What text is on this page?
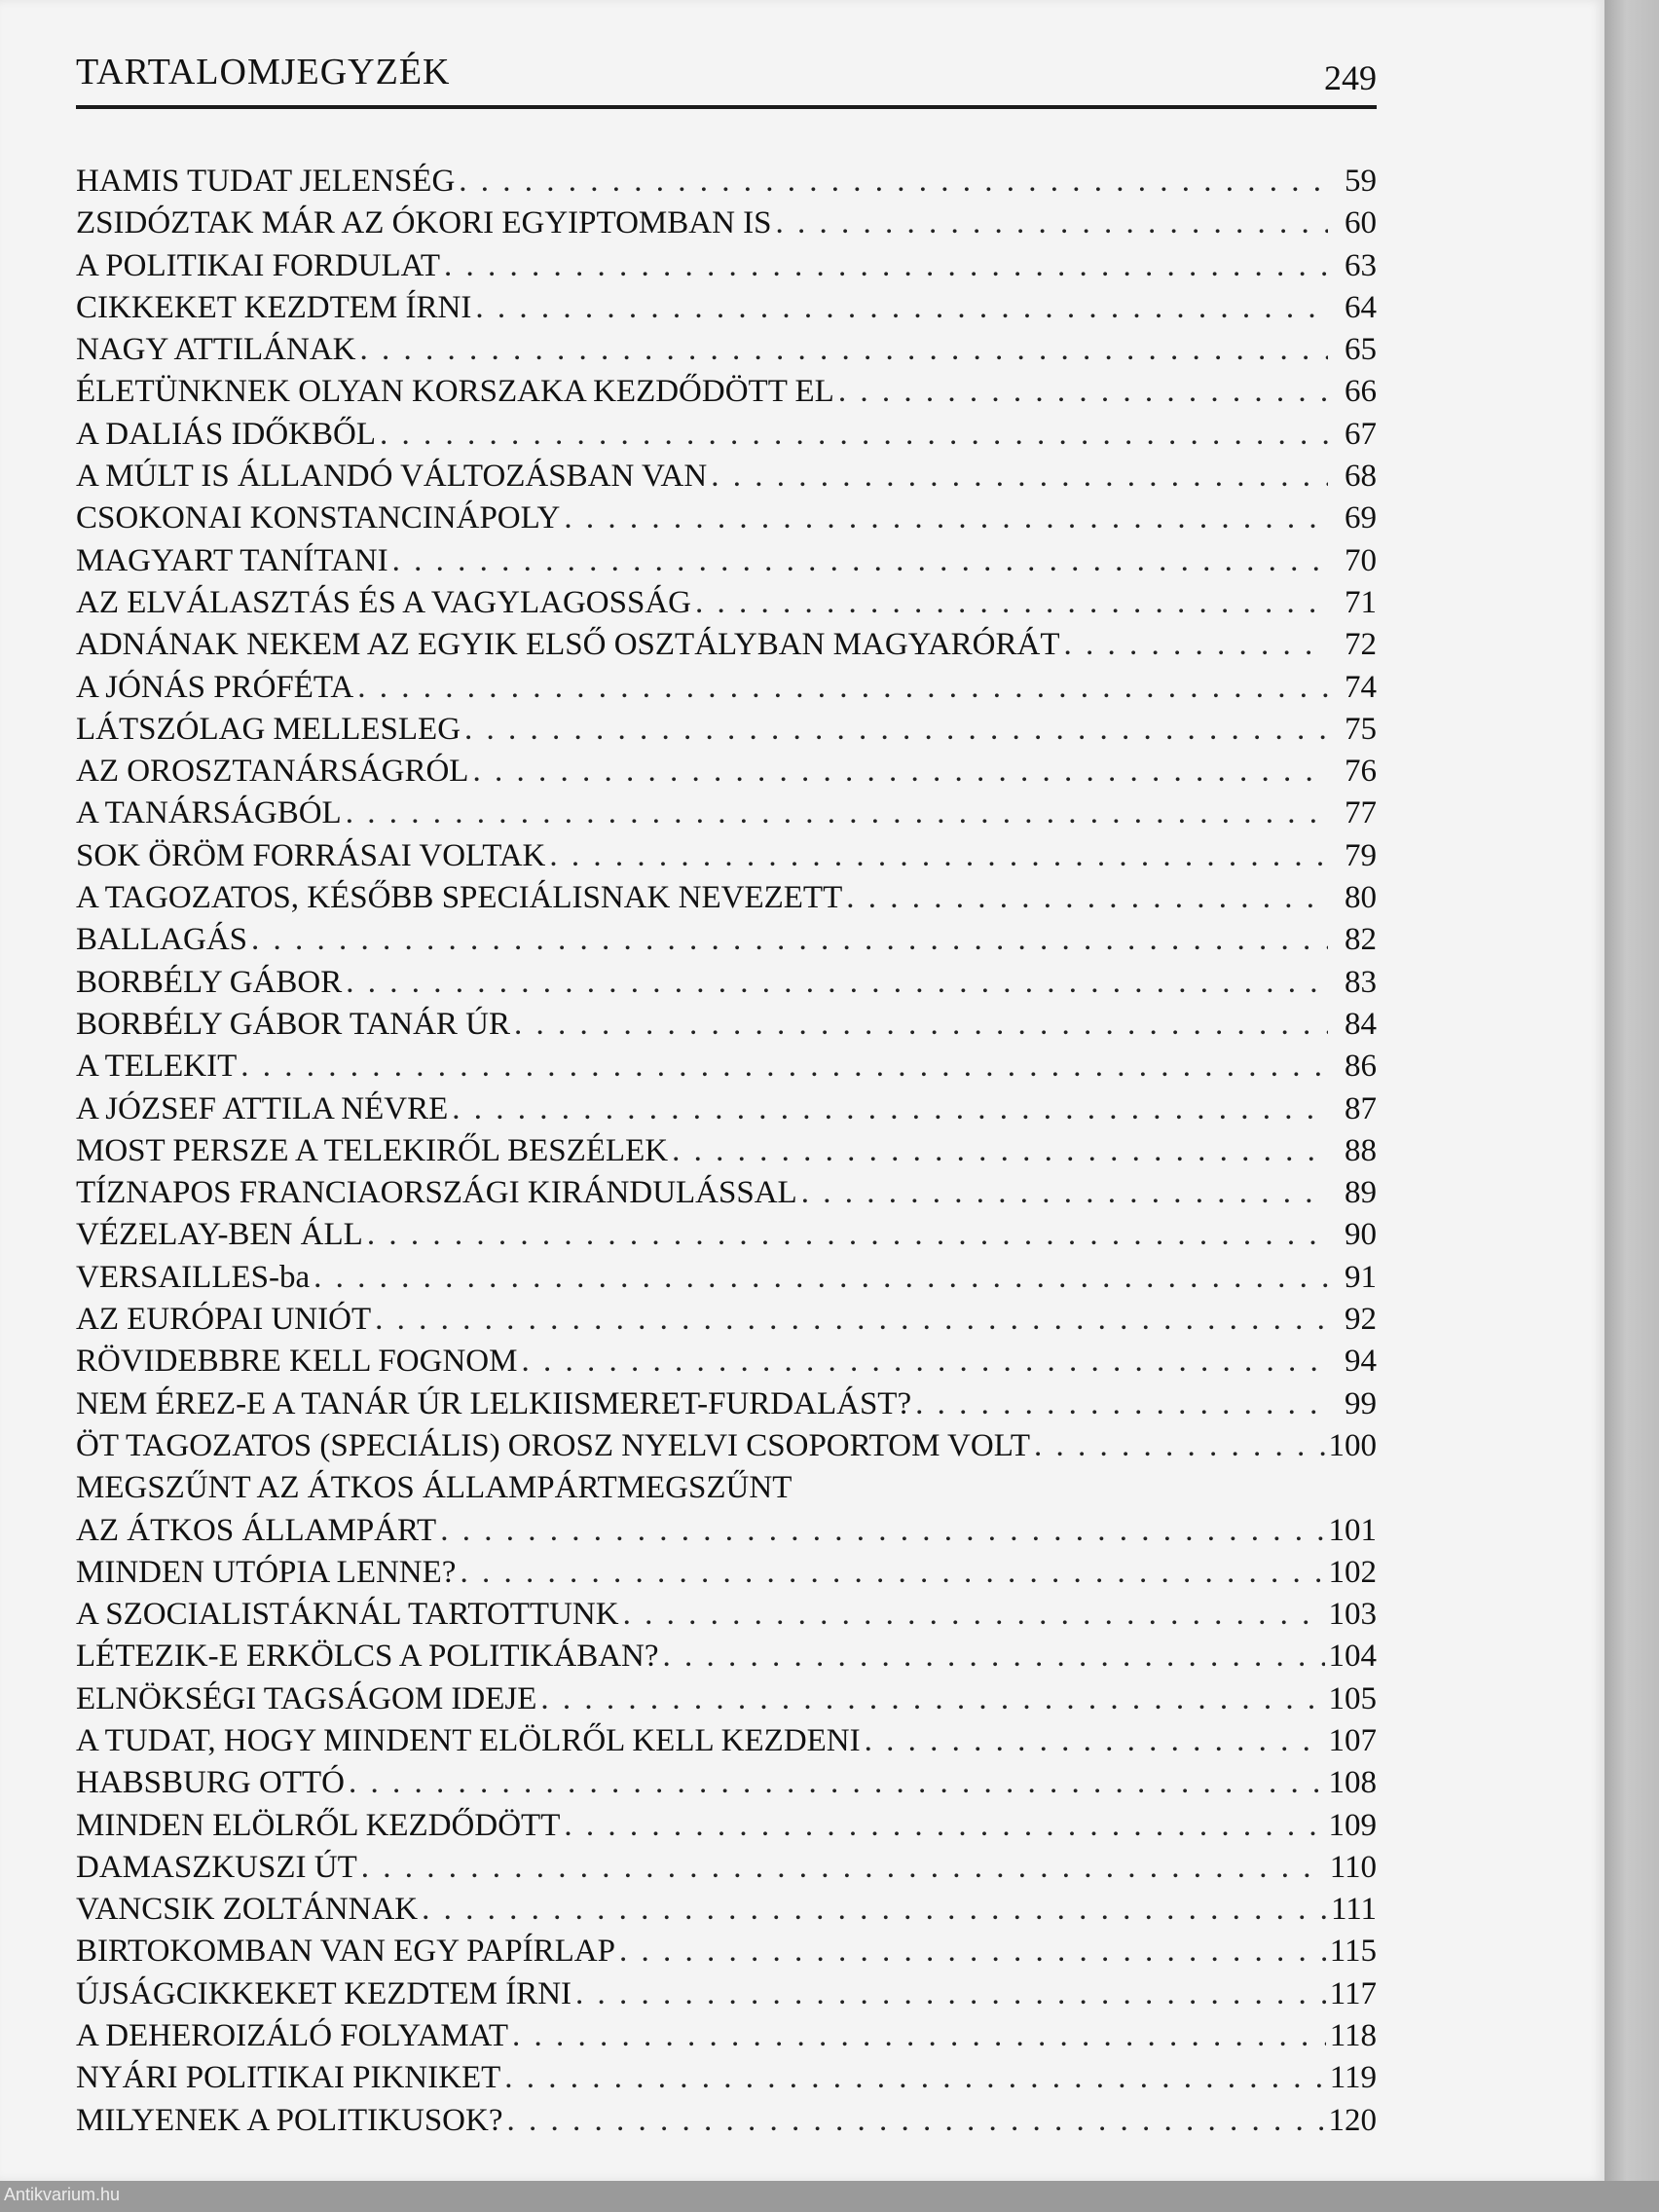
TARTALOMJEGYZÉK	249
HAMIS TUDAT JELENSÉG . . .	59
ZSIDÓZTAK MÁR AZ ÓKORI EGYIPTOMBAN IS . . .	60
A POLITIKAI FORDULAT . . .	63
CIKKEKET KEZDTEM ÍRNI . . .	64
NAGY ATTILÁNAK . . .	65
ÉLETÜNKNEK OLYAN KORSZAKA KEZDŐDÖTT EL . . .	66
A DALIÁS IDŐKBŐL . . .	67
A MÚLT IS ÁLLANDÓ VÁLTOZÁSBAN VAN . . .	68
CSOKONAI KONSTANCINÁPOLY . . .	69
MAGYART TANÍTANI . . .	70
AZ ELVÁLASZTÁS ÉS A VAGYLAGOSSÁG . . .	71
ADNÁNAK NEKEM AZ EGYIK ELSŐ OSZTÁLYBAN MAGYARÓRÁT . . .	72
A JÓNÁS PRÓFÉTA . . .	74
LÁTSZÓLAG MELLESLEG . . .	75
AZ OROSZTANÁRSÁGRÓL . . .	76
A TANÁRSÁGBÓL . . .	77
SOK ÖRÖM FORRÁSAI VOLTAK . . .	79
A TAGOZATOS, KÉSŐBB SPECIÁLISNAK NEVEZETT . . .	80
BALLAGÁS . . .	82
BORBÉLY GÁBOR . . .	83
BORBÉLY GÁBOR TANÁR ÚR . . .	84
A TELEKIT . . .	86
A JÓZSEF ATTILA NÉVRE . . .	87
MOST PERSZE A TELEKIRŐL BESZÉLEK . . .	88
TÍZNAPOS FRANCIAORSZÁGI KIRÁNDULÁSSAL . . .	89
VÉZELAY-BEN ÁLL . . .	90
VERSAILLES-ba . . .	91
AZ EURÓPAI UNIÓT . . .	92
RÖVIDEBBRE KELL FOGNOM . . .	94
NEM ÉREZ-E A TANÁR ÚR LELKIISMERET-FURDALÁST? . . .	99
ÖT TAGOZATOS (SPECIÁLIS) OROSZ NYELVI CSOPORTOM VOLT . . .	100
MEGSZŰNT AZ ÁTKOS ÁLLAMPÁRTMEGSZŰNT
AZ ÁTKOS ÁLLAMPÁRT . . .	101
MINDEN UTÓPIA LENNE? . . .	102
A SZOCIALISTÁKNÁL TARTOTTUNK . . .	103
LÉTEZIK-E ERKÖLCS A POLITIKÁBAN? . . .	104
ELNÖKSÉGI TAGSÁGOM IDEJE . . .	105
A TUDAT, HOGY MINDENT ELÖLRŐL KELL KEZDENI . . .	107
HABSBURG OTTÓ . . .	108
MINDEN ELÖLRŐL KEZDŐDÖTT . . .	109
DAMASZKUSZI ÚT . . .	110
VANCSIK ZOLTÁNNAK . . .	111
BIRTOKOMBAN VAN EGY PAPÍRLAP . . .	115
ÚJSÁGCIKKEKET KEZDTEM ÍRNI . . .	117
A DEHEROIZÁLÓ FOLYAMAT . . .	118
NYÁRI POLITIKAI PIKNIKET . . .	119
MILYENEK A POLITIKUSOK? . . .	120
Antikvarium.hu
